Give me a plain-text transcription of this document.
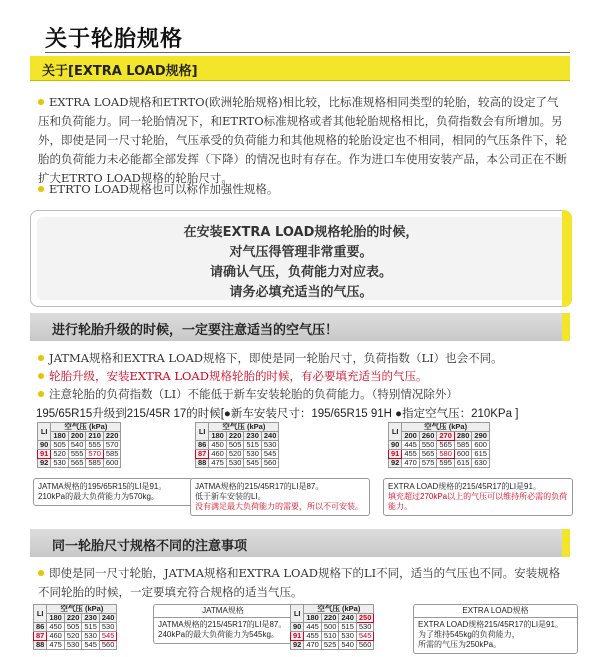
关于轮胎规格
关于[EXTRA LOAD规格]
EXTRA LOAD规格和ETRTO(欧洲轮胎规格)相比较，比标准规格相同类型的轮胎，较高的设定了气压和负荷能力。同一轮胎情况下，和ETRTO标准规格或者其他轮胎规格相比，负荷指数会有所增加。另外，即使是同一尺寸轮胎，气压承受的负荷能力和其他规格的轮胎设定也不相同，相同的气压条件下，轮胎的负荷能力未必能都全部发挥（下降）的情况也时有存在。作为进口车使用安装产品，本公司正在不断扩大ETRTO LOAD规格的轮胎尺寸。
ETRTO LOAD规格也可以称作加强性规格。
在安装EXTRA LOAD规格轮胎的时候，
对气压得管理非常重要。
请确认气压，负荷能力对应表。
请务必填充适当的气压。
进行轮胎升级的时候，一定要注意适当的空气压！
JATMA规格和EXTRA LOAD规格下，即使是同一轮胎尺寸，负荷指数（LI）也会不同。
轮胎升级，安装EXTRA LOAD规格轮胎的时候，有必要填充适当的气压。
注意轮胎的负荷指数（LI）不能低于新车安装轮胎的负荷能力。（特别情况除外）
195/65R15升级到215/45R 17的时候[●新车安装尺寸：195/65R15 91H ●指定空气压：210KPa ]
LI	空气压 (kPa)			
	180	200	210	220
90	505	540	555	570
91	520	555	570	585
92	530	565	585	600
LI	空气压 (kPa)			
	180	220	230	240
86	450	505	515	530
87	460	520	530	545
88	475	530	545	560
LI	空气压 (kPa)				
	200	260	270	280	290
90	445	550	565	585	600
91	455	565	580	600	615
92	470	575	595	615	630
JATMA规格的195/65R15的LI是91。
210kPa的最大负荷能力为570kg。
JATMA规格的215/45R17的LI是87。
低于新车安装的LI。
没有满足最大负荷能力的需要，所以不可安装。
EXTRA LOAD规格的215/45R17的LI是91。
填充超过270kPa以上的气压可以维持所必需的负荷能力。
同一轮胎尺寸规格不同的注意事项
即使是同一尺寸轮胎，JATMA规格和EXTRA LOAD规格下的LI不同，适当的气压也不同。安装规格不同轮胎的时候，一定要填充符合规格的适当气压。
LI	空气压 (kPa)			
	180	220	230	240
86	450	505	515	530
87	460	520	530	545
88	475	530	545	560
JATMA规格
JATMA规格的215/45R17的LI是87。
240kPa的最大负荷能力为545kg。
LI	空气压 (kPa)			
	180	220	240	250
90	445	500	515	530
91	455	510	530	545
92	470	525	540	560
EXTRA LOAD规格
EXTRA LOAD规格215/45R17的LI是91。
为了维持545kg的负荷能力，
所需的气压为250kPa。
